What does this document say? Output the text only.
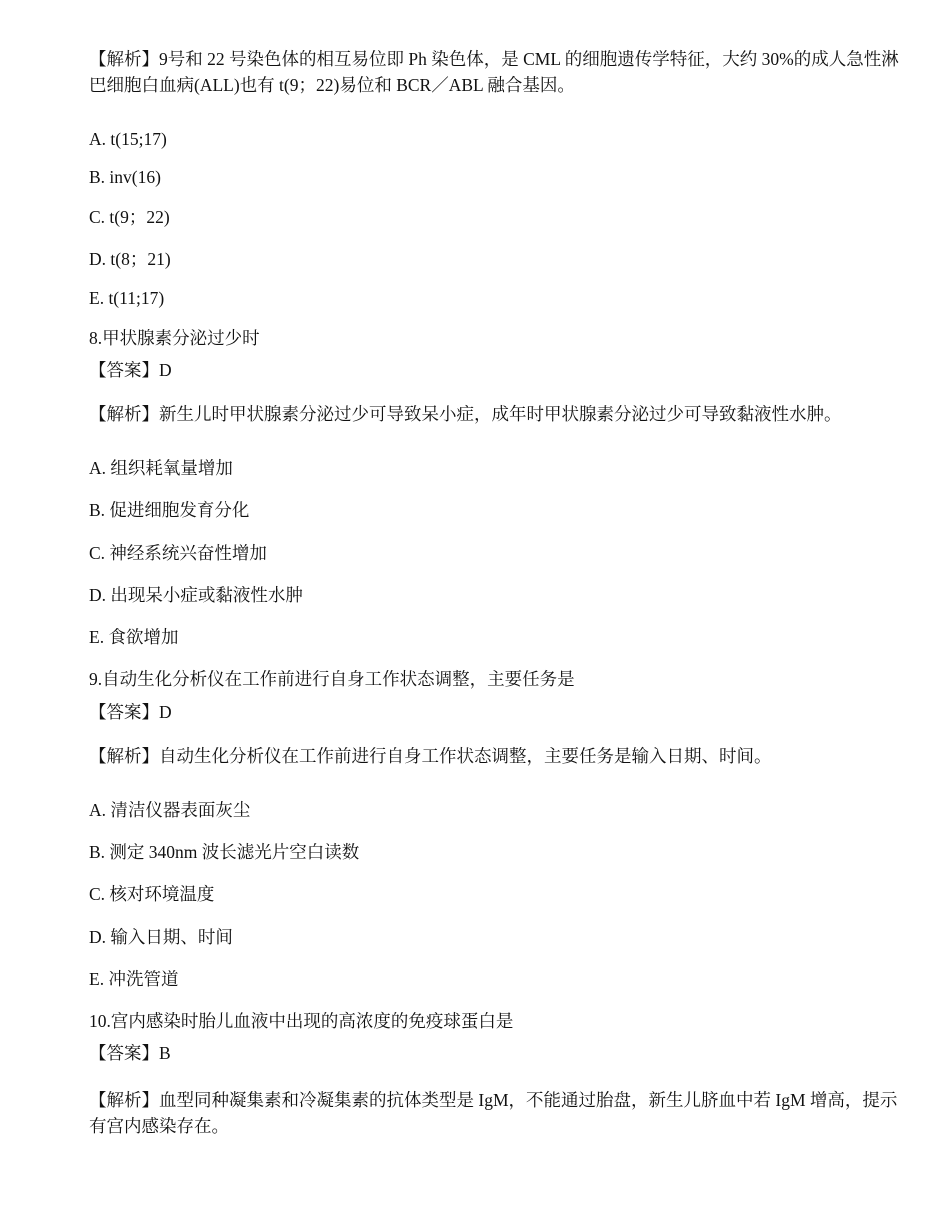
【解析】9号和 22 号染色体的相互易位即 Ph 染色体，是 CML 的细胞遗传学特征，大约 30%的成人急性淋巴细胞白血病(ALL)也有 t(9；22)易位和 BCR／ABL 融合基因。
A. t(15;17)
B. inv(16)
C. t(9；22)
D. t(8；21)
E. t(11;17)
8.甲状腺素分泌过少时
【答案】D
【解析】新生儿时甲状腺素分泌过少可导致呆小症，成年时甲状腺素分泌过少可导致黏液性水肿。
A. 组织耗氧量增加
B. 促进细胞发育分化
C. 神经系统兴奋性增加
D. 出现呆小症或黏液性水肿
E. 食欲增加
9.自动生化分析仪在工作前进行自身工作状态调整，主要任务是
【答案】D
【解析】自动生化分析仪在工作前进行自身工作状态调整，主要任务是输入日期、时间。
A. 清洁仪器表面灰尘
B. 测定 340nm 波长滤光片空白读数
C. 核对环境温度
D. 输入日期、时间
E. 冲洗管道
10.宫内感染时胎儿血液中出现的高浓度的免疫球蛋白是
【答案】B
【解析】血型同种凝集素和冷凝集素的抗体类型是 IgM，不能通过胎盘，新生儿脐血中若 IgM 增高，提示有宫内感染存在。
